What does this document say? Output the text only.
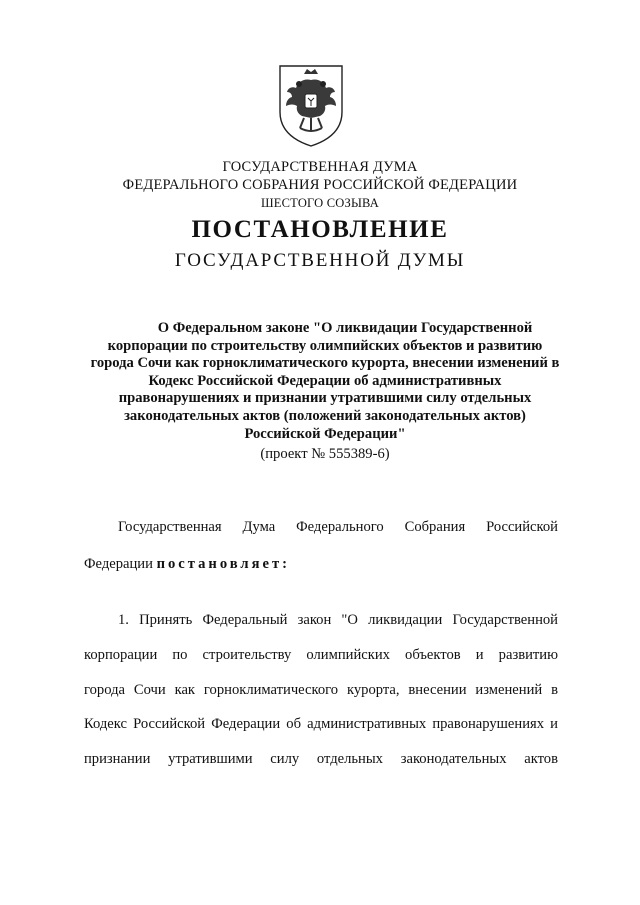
ГОСУДАРСТВЕННАЯ ДУМА
ФЕДЕРАЛЬНОГО СОБРАНИЯ РОССИЙСКОЙ ФЕДЕРАЦИИ
ШЕСТОГО СОЗЫВА
ПОСТАНОВЛЕНИЕ
ГОСУДАРСТВЕННОЙ ДУМЫ
О Федеральном законе "О ликвидации Государственной
корпорации по строительству олимпийских объектов и развитию
города Сочи как горноклиматического курорта, внесении изменений в
Кодекс Российской Федерации об административных
правонарушениях и признании утратившими силу отдельных
законодательных актов (положений законодательных актов)
Российской Федерации"
(проект № 555389-6)
Государственная Дума Федерального Собрания Российской
Федерации постановляет:
1. Принять Федеральный закон "О ликвидации Государственной
корпорации по строительству олимпийских объектов и развитию
города Сочи как горноклиматического курорта, внесении изменений в
Кодекс Российской Федерации об административных правонарушениях и
признании утратившими силу отдельных законодательных актов
